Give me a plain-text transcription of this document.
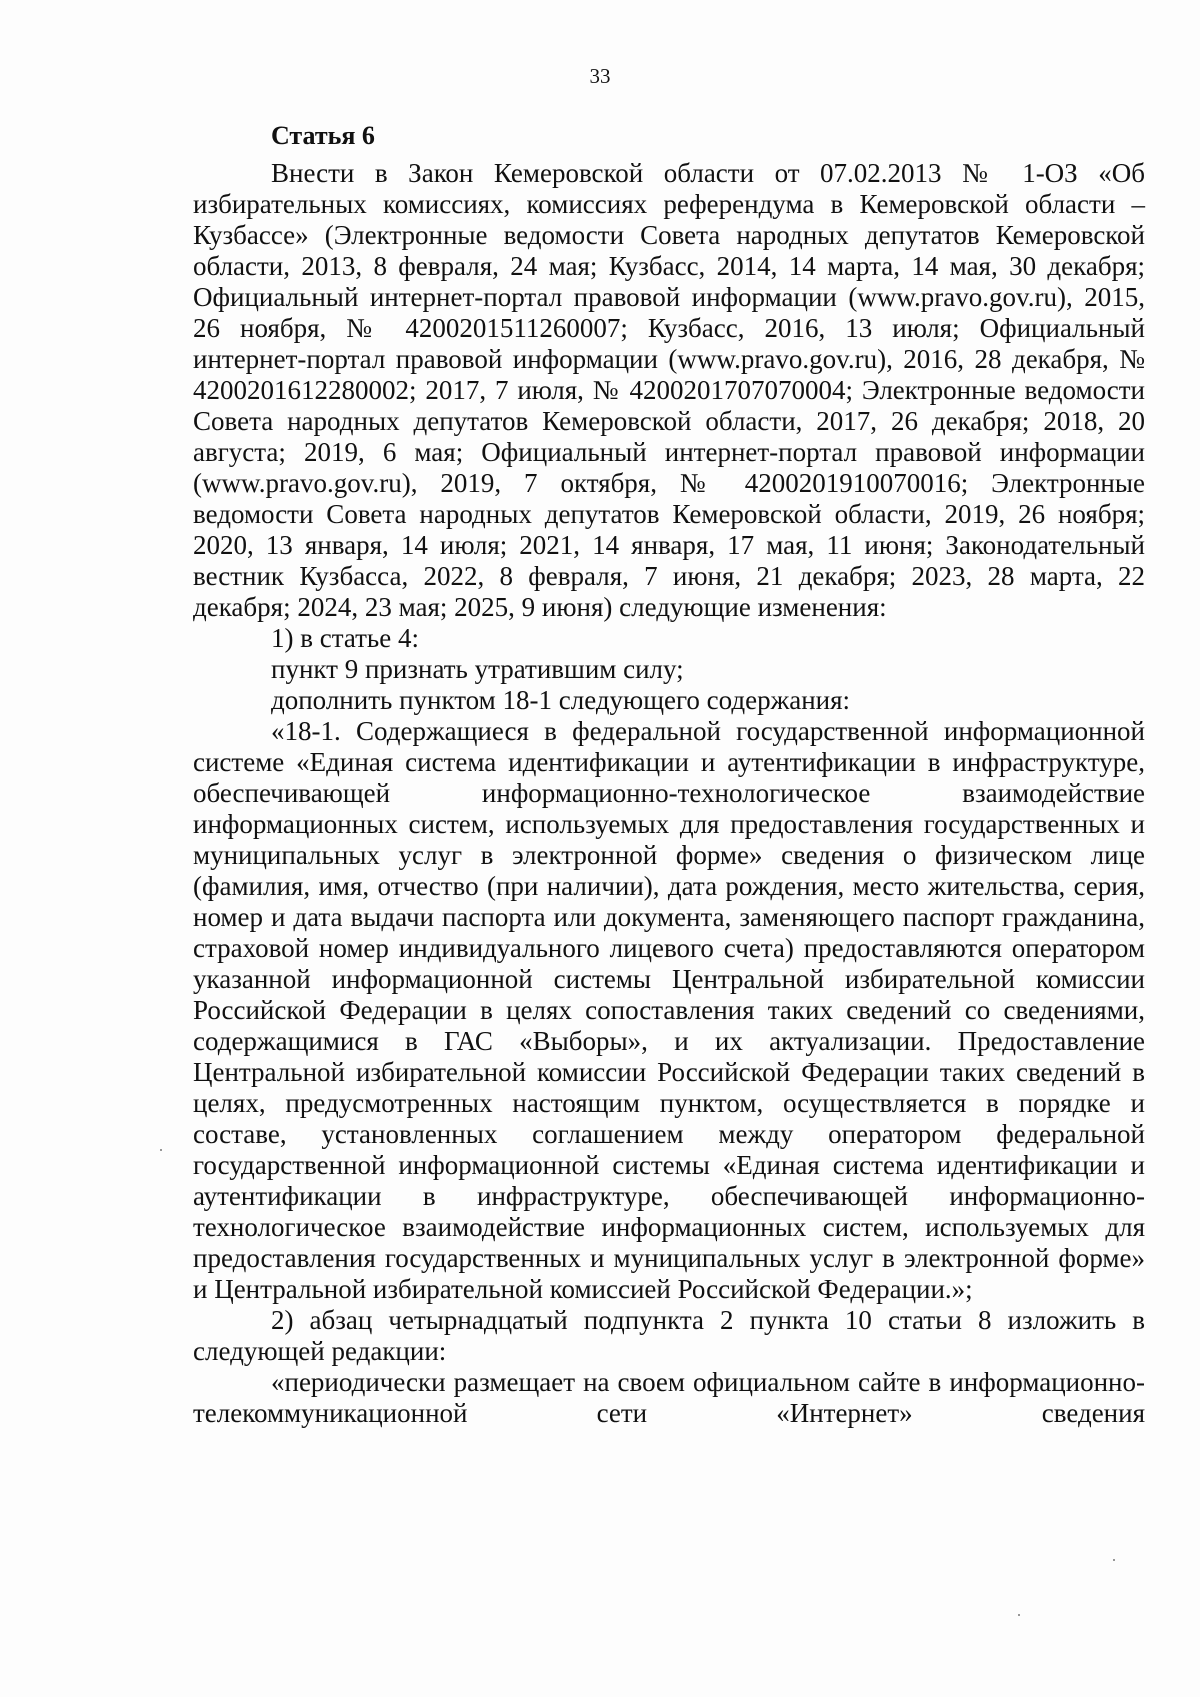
33

Статья 6

Внести в Закон Кемеровской области от 07.02.2013 № 1-ОЗ «Об избирательных комиссиях, комиссиях референдума в Кемеровской области – Кузбассе» (Электронные ведомости Совета народных депутатов Кемеровской области, 2013, 8 февраля, 24 мая; Кузбасс, 2014, 14 марта, 14 мая, 30 декабря; Официальный интернет-портал правовой информации (www.pravo.gov.ru), 2015, 26 ноября, № 4200201511260007; Кузбасс, 2016, 13 июля; Официальный интернет-портал правовой информации (www.pravo.gov.ru), 2016, 28 декабря, № 4200201612280002; 2017, 7 июля, № 4200201707070004; Электронные ведомости Совета народных депутатов Кемеровской области, 2017, 26 декабря; 2018, 20 августа; 2019, 6 мая; Официальный интернет-портал правовой информации (www.pravo.gov.ru), 2019, 7 октября, № 4200201910070016; Электронные ведомости Совета народных депутатов Кемеровской области, 2019, 26 ноября; 2020, 13 января, 14 июля; 2021, 14 января, 17 мая, 11 июня; Законодательный вестник Кузбасса, 2022, 8 февраля, 7 июня, 21 декабря; 2023, 28 марта, 22 декабря; 2024, 23 мая; 2025, 9 июня) следующие изменения:

1) в статье 4:

пункт 9 признать утратившим силу;

дополнить пунктом 18-1 следующего содержания:

«18-1. Содержащиеся в федеральной государственной информационной системе «Единая система идентификации и аутентификации в инфраструктуре, обеспечивающей информационно-технологическое взаимодействие информационных систем, используемых для предоставления государственных и муниципальных услуг в электронной форме» сведения о физическом лице (фамилия, имя, отчество (при наличии), дата рождения, место жительства, серия, номер и дата выдачи паспорта или документа, заменяющего паспорт гражданина, страховой номер индивидуального лицевого счета) предоставляются оператором указанной информационной системы Центральной избирательной комиссии Российской Федерации в целях сопоставления таких сведений со сведениями, содержащимися в ГАС «Выборы», и их актуализации. Предоставление Центральной избирательной комиссии Российской Федерации таких сведений в целях, предусмотренных настоящим пунктом, осуществляется в порядке и составе, установленных соглашением между оператором федеральной государственной информационной системы «Единая система идентификации и аутентификации в инфраструктуре, обеспечивающей информационно-технологическое взаимодействие информационных систем, используемых для предоставления государственных и муниципальных услуг в электронной форме» и Центральной избирательной комиссией Российской Федерации.»;

2) абзац четырнадцатый подпункта 2 пункта 10 статьи 8 изложить в следующей редакции:

«периодически размещает на своем официальном сайте в информационно-телекоммуникационной сети «Интернет» сведения
